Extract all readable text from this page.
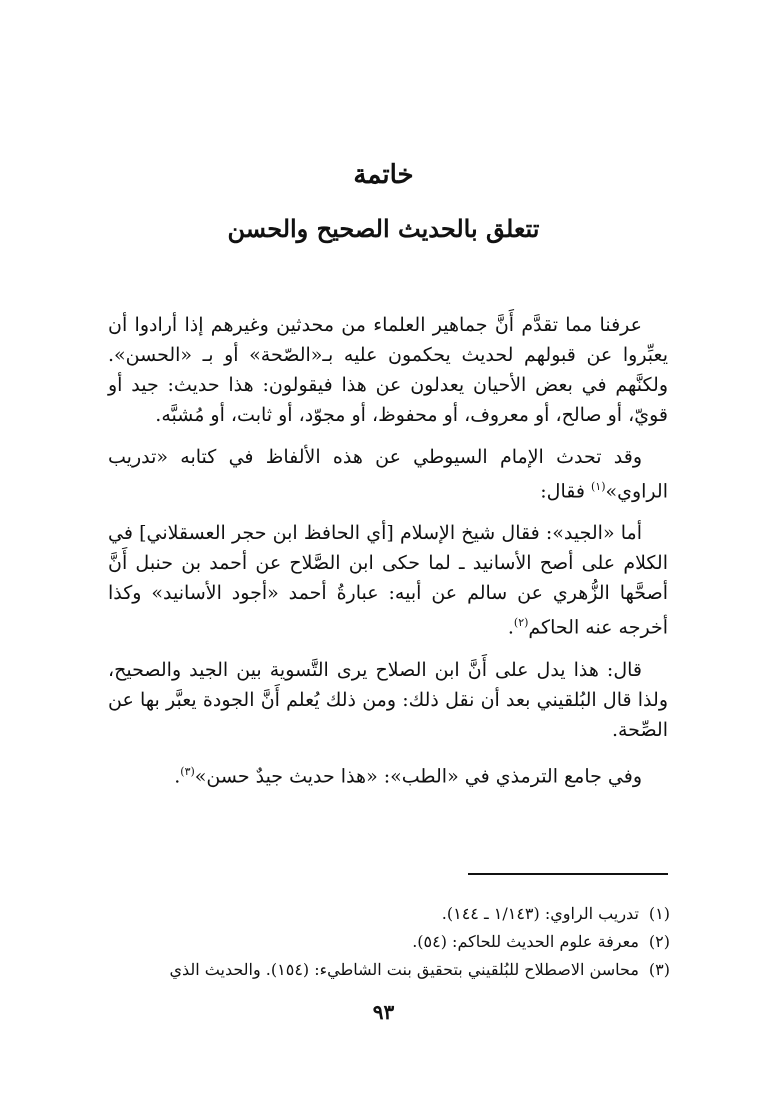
خاتمة
تتعلق بالحديث الصحيح والحسن

عرفنا مما تقدَّم أَنَّ جماهير العلماء من محدثين وغيرهم إذا أرادوا أن يعبِّروا عن قبولهم لحديث يحكمون عليه بـ«الصّحة» أو بـ «الحسن». ولكنَّهم في بعض الأحيان يعدلون عن هذا فيقولون: هذا حديث: جيد أو قويّ، أو صالح، أو معروف، أو محفوظ، أو مجوّد، أو ثابت، أو مُشبَّه.

وقد تحدث الإمام السيوطي عن هذه الألفاظ في كتابه «تدريب الراوي»$^{(١)}$ فقال:

أما «الجيد»: فقال شيخ الإسلام [أي الحافظ ابن حجر العسقلاني] في الكلام على أصح الأسانيد ـ لما حكى ابن الصَّلاح عن أحمد بن حنبل أَنَّ أصحَّها الزُّهري عن سالم عن أبيه: عبارةُ أحمد «أجود الأسانيد» وكذا أخرجه عنه الحاكم$^{(٢)}$.

قال: هذا يدل على أَنَّ ابن الصلاح يرى التَّسوية بين الجيد والصحيح، ولذا قال البُلقيني بعد أن نقل ذلك: ومن ذلك يُعلم أَنَّ الجودة يعبَّر بها عن الصِّحة.

وفي جامع الترمذي في «الطب»: «هذا حديث جيدٌ حسن»$^{(٣)}$.

(١)
تدريب الراوي: (١/١٤٣ ـ ١٤٤).
(٢)
معرفة علوم الحديث للحاكم: (٥٤).
(٣)
محاسن الاصطلاح للبُلقيني بتحقيق بنت الشاطيء: (١٥٤). والحديث الذي
٩٣
